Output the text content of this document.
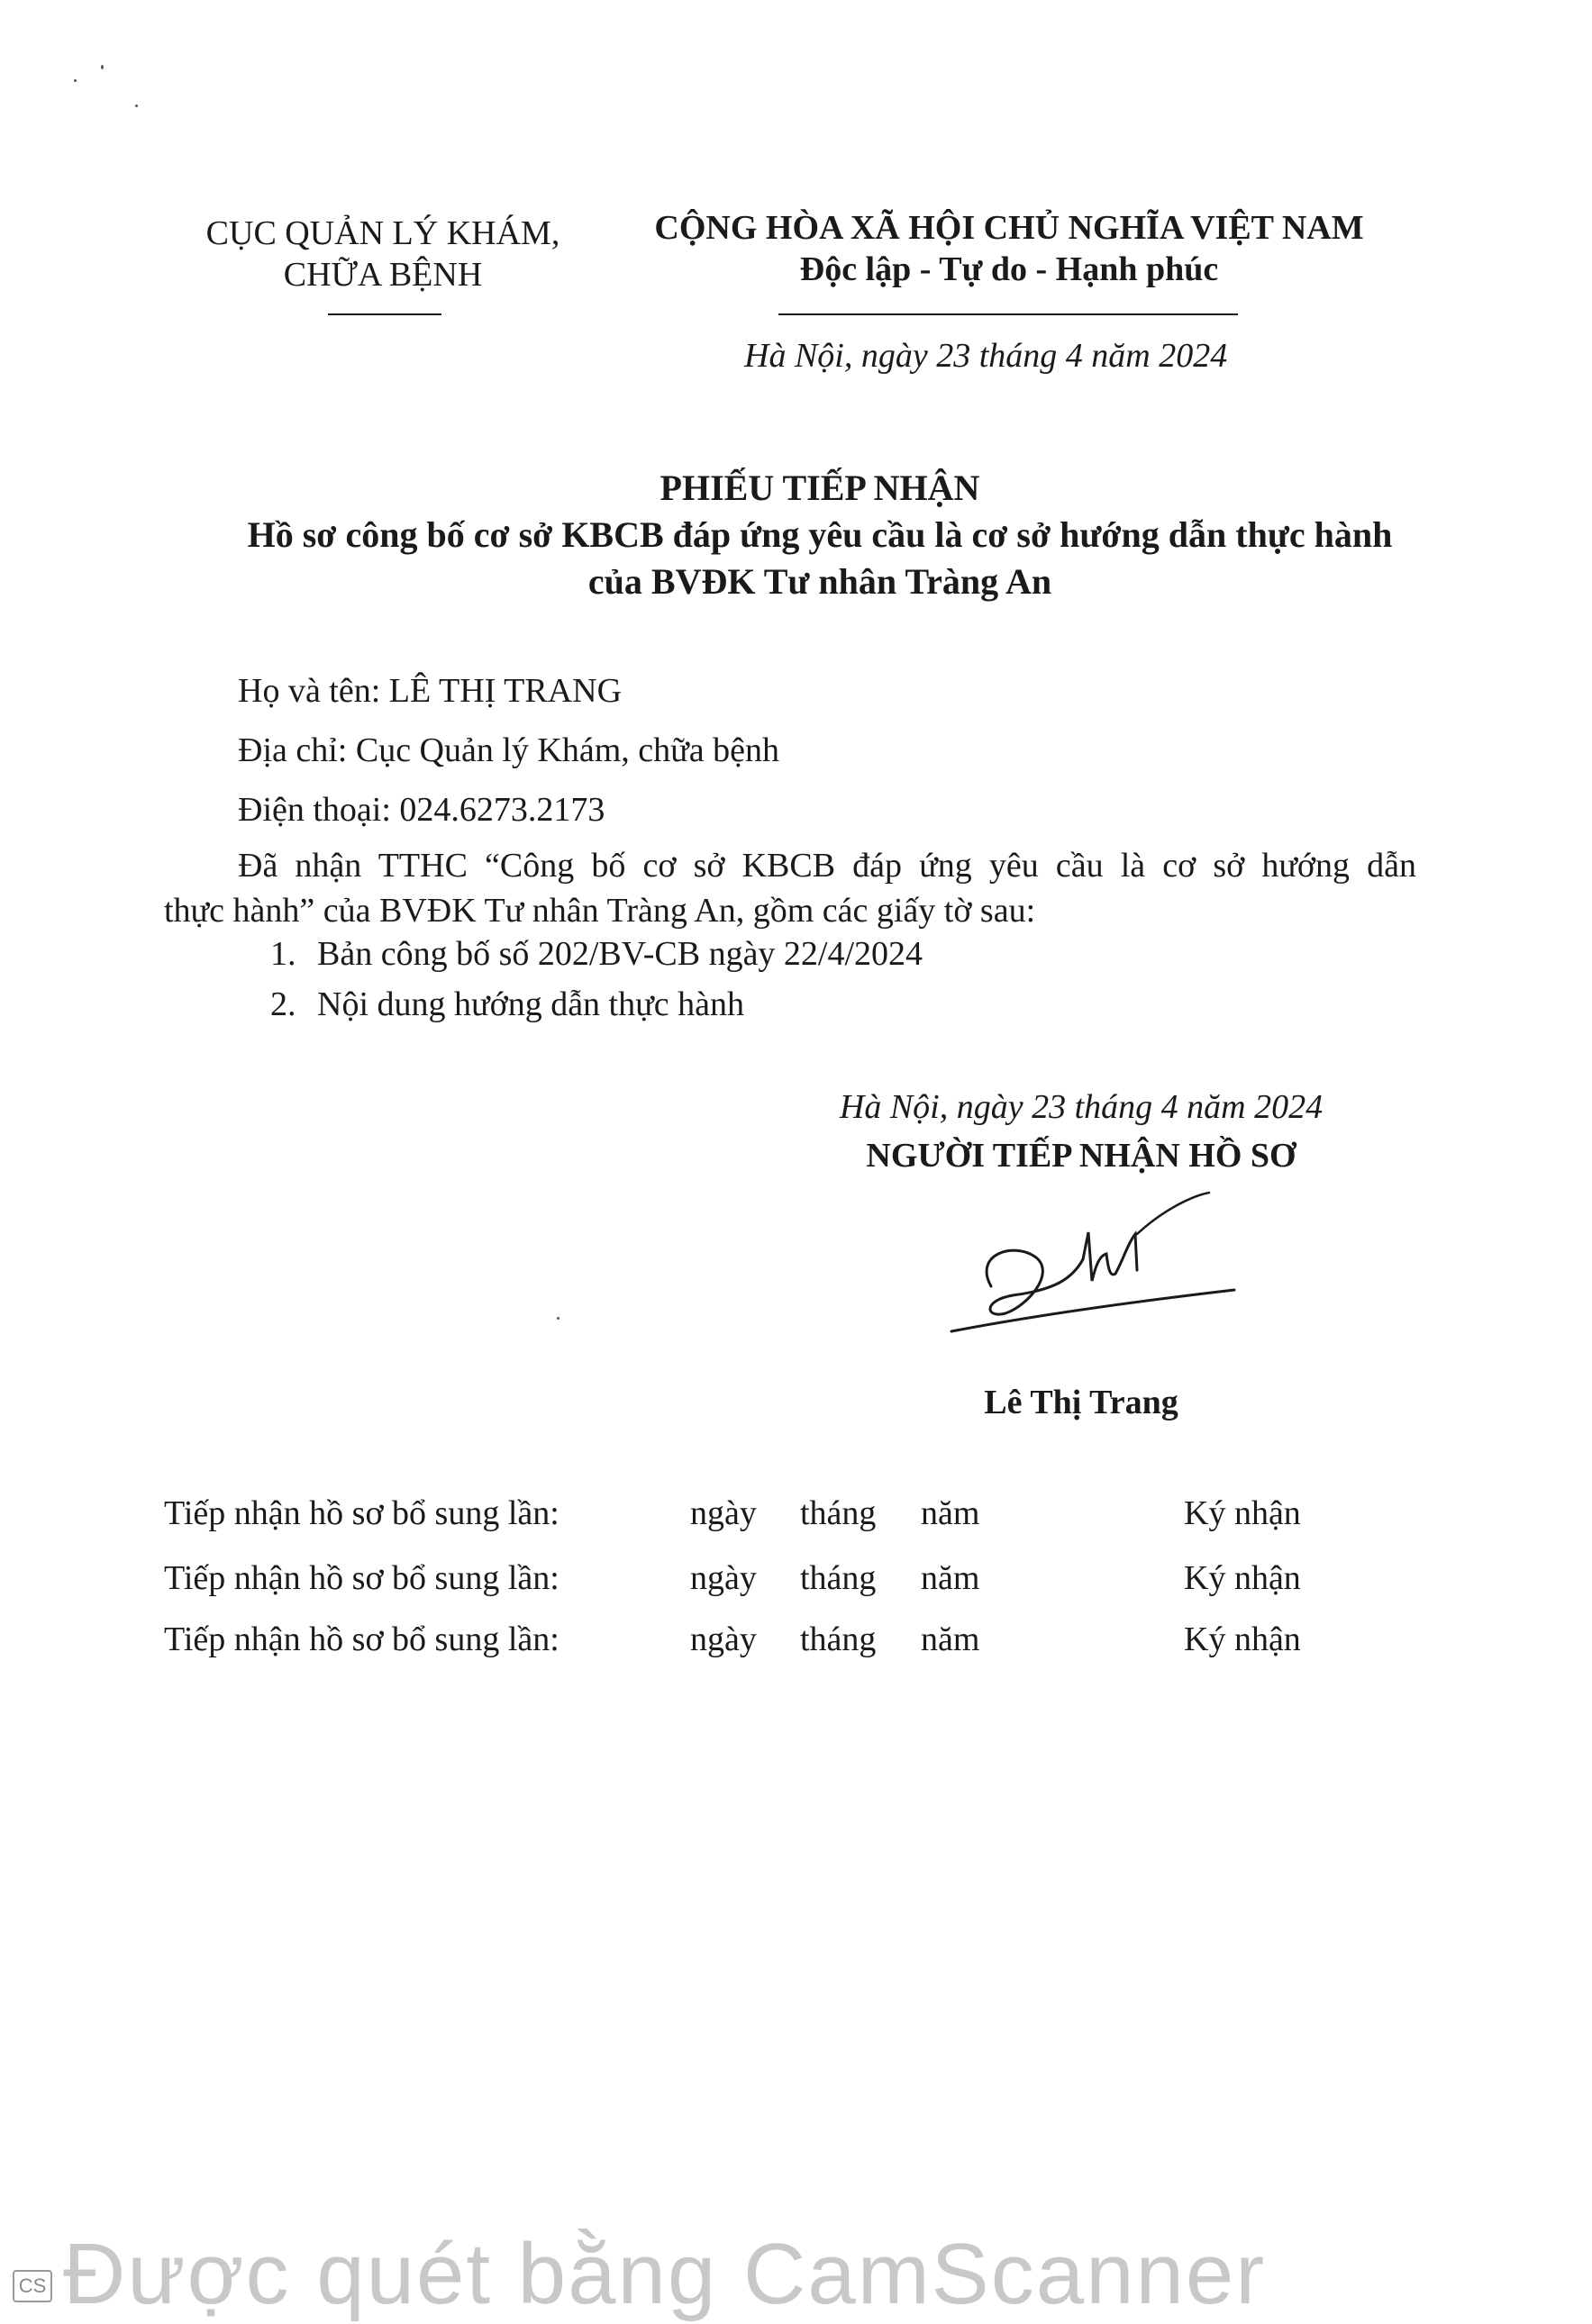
CỤC QUẢN LÝ KHÁM,
CHỮA BỆNH
CỘNG HÒA XÃ HỘI CHỦ NGHĨA VIỆT NAM
Độc lập - Tự do - Hạnh phúc
Hà Nội, ngày 23 tháng 4 năm 2024
PHIẾU TIẾP NHẬN
Hồ sơ công bố cơ sở KBCB đáp ứng yêu cầu là cơ sở hướng dẫn thực hành
của BVĐK Tư nhân Tràng An
Họ và tên: LÊ THỊ TRANG
Địa chỉ: Cục Quản lý Khám, chữa bệnh
Điện thoại: 024.6273.2173
Đã nhận TTHC “Công bố cơ sở KBCB đáp ứng yêu cầu là cơ sở hướng dẫn
thực hành” của BVĐK Tư nhân Tràng An, gồm các giấy tờ sau:
1. Bản công bố số 202/BV-CB ngày 22/4/2024
2. Nội dung hướng dẫn thực hành
Hà Nội, ngày 23 tháng 4 năm 2024
NGƯỜI TIẾP NHẬN HỒ SƠ
Lê Thị Trang
Tiếp nhận hồ sơ bổ sung lần:	ngày tháng năm	Ký nhận
Tiếp nhận hồ sơ bổ sung lần:	ngày tháng năm	Ký nhận
Tiếp nhận hồ sơ bổ sung lần:	ngày tháng năm	Ký nhận
Được quét bằng CamScanner
CS
